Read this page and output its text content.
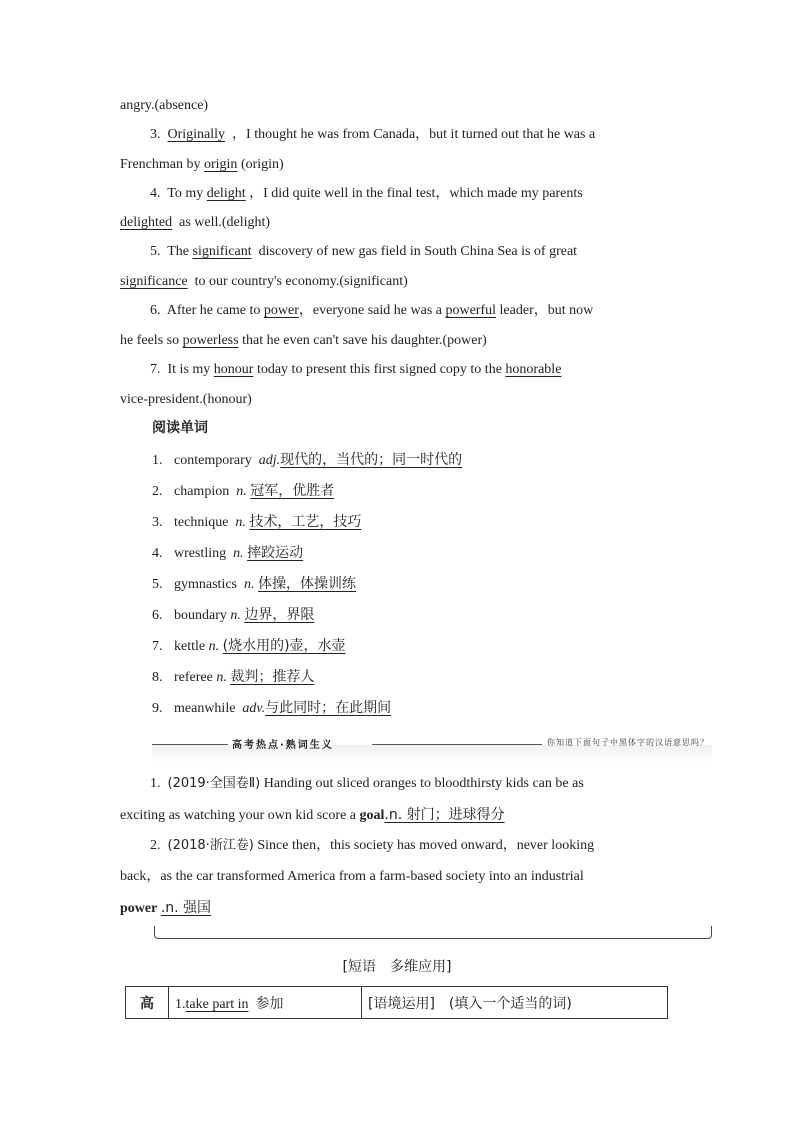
angry.(absence)
3. Originally ，I thought he was from Canada，but it turned out that he was a
Frenchman by origin (origin)
4. To my delight ，I did quite well in the final test，which made my parents
delighted as well.(delight)
5. The significant discovery of new gas field in South China Sea is of great
significance to our country's economy.(significant)
6. After he came to power，everyone said he was a powerful leader，but now
he feels so powerless that he even can't save his daughter.(power)
7. It is my honour today to present this first signed copy to the honorable
vice-president.(honour)
阅读单词
1. contemporary adj.现代的，当代的；同一时代的
2. champion n. 冠军，优胜者
3. technique n. 技术，工艺，技巧
4. wrestling n. 摔跤运动
5. gymnastics n. 体操，体操训练
6. boundary n. 边界，界限
7. kettle n. (烧水用的)壶，水壶
8. referee n. 裁判；推荐人
9. meanwhile adv.与此同时；在此期间
高考热点·熟词生义	你知道下面句子中黑体字的汉语意思吗？
1. (2019·全国卷Ⅱ) Handing out sliced oranges to bloodthirsty kids can be as
exciting as watching your own kid score a goal.n. 射门；进球得分
2. (2018·浙江卷) Since then，this society has moved onward，never looking
back，as the car transformed America from a farm-based society into an industrial
power .n. 强国
[短语　多维应用]
高	1.take part in 参加	[语境运用]　(填入一个适当的词)
